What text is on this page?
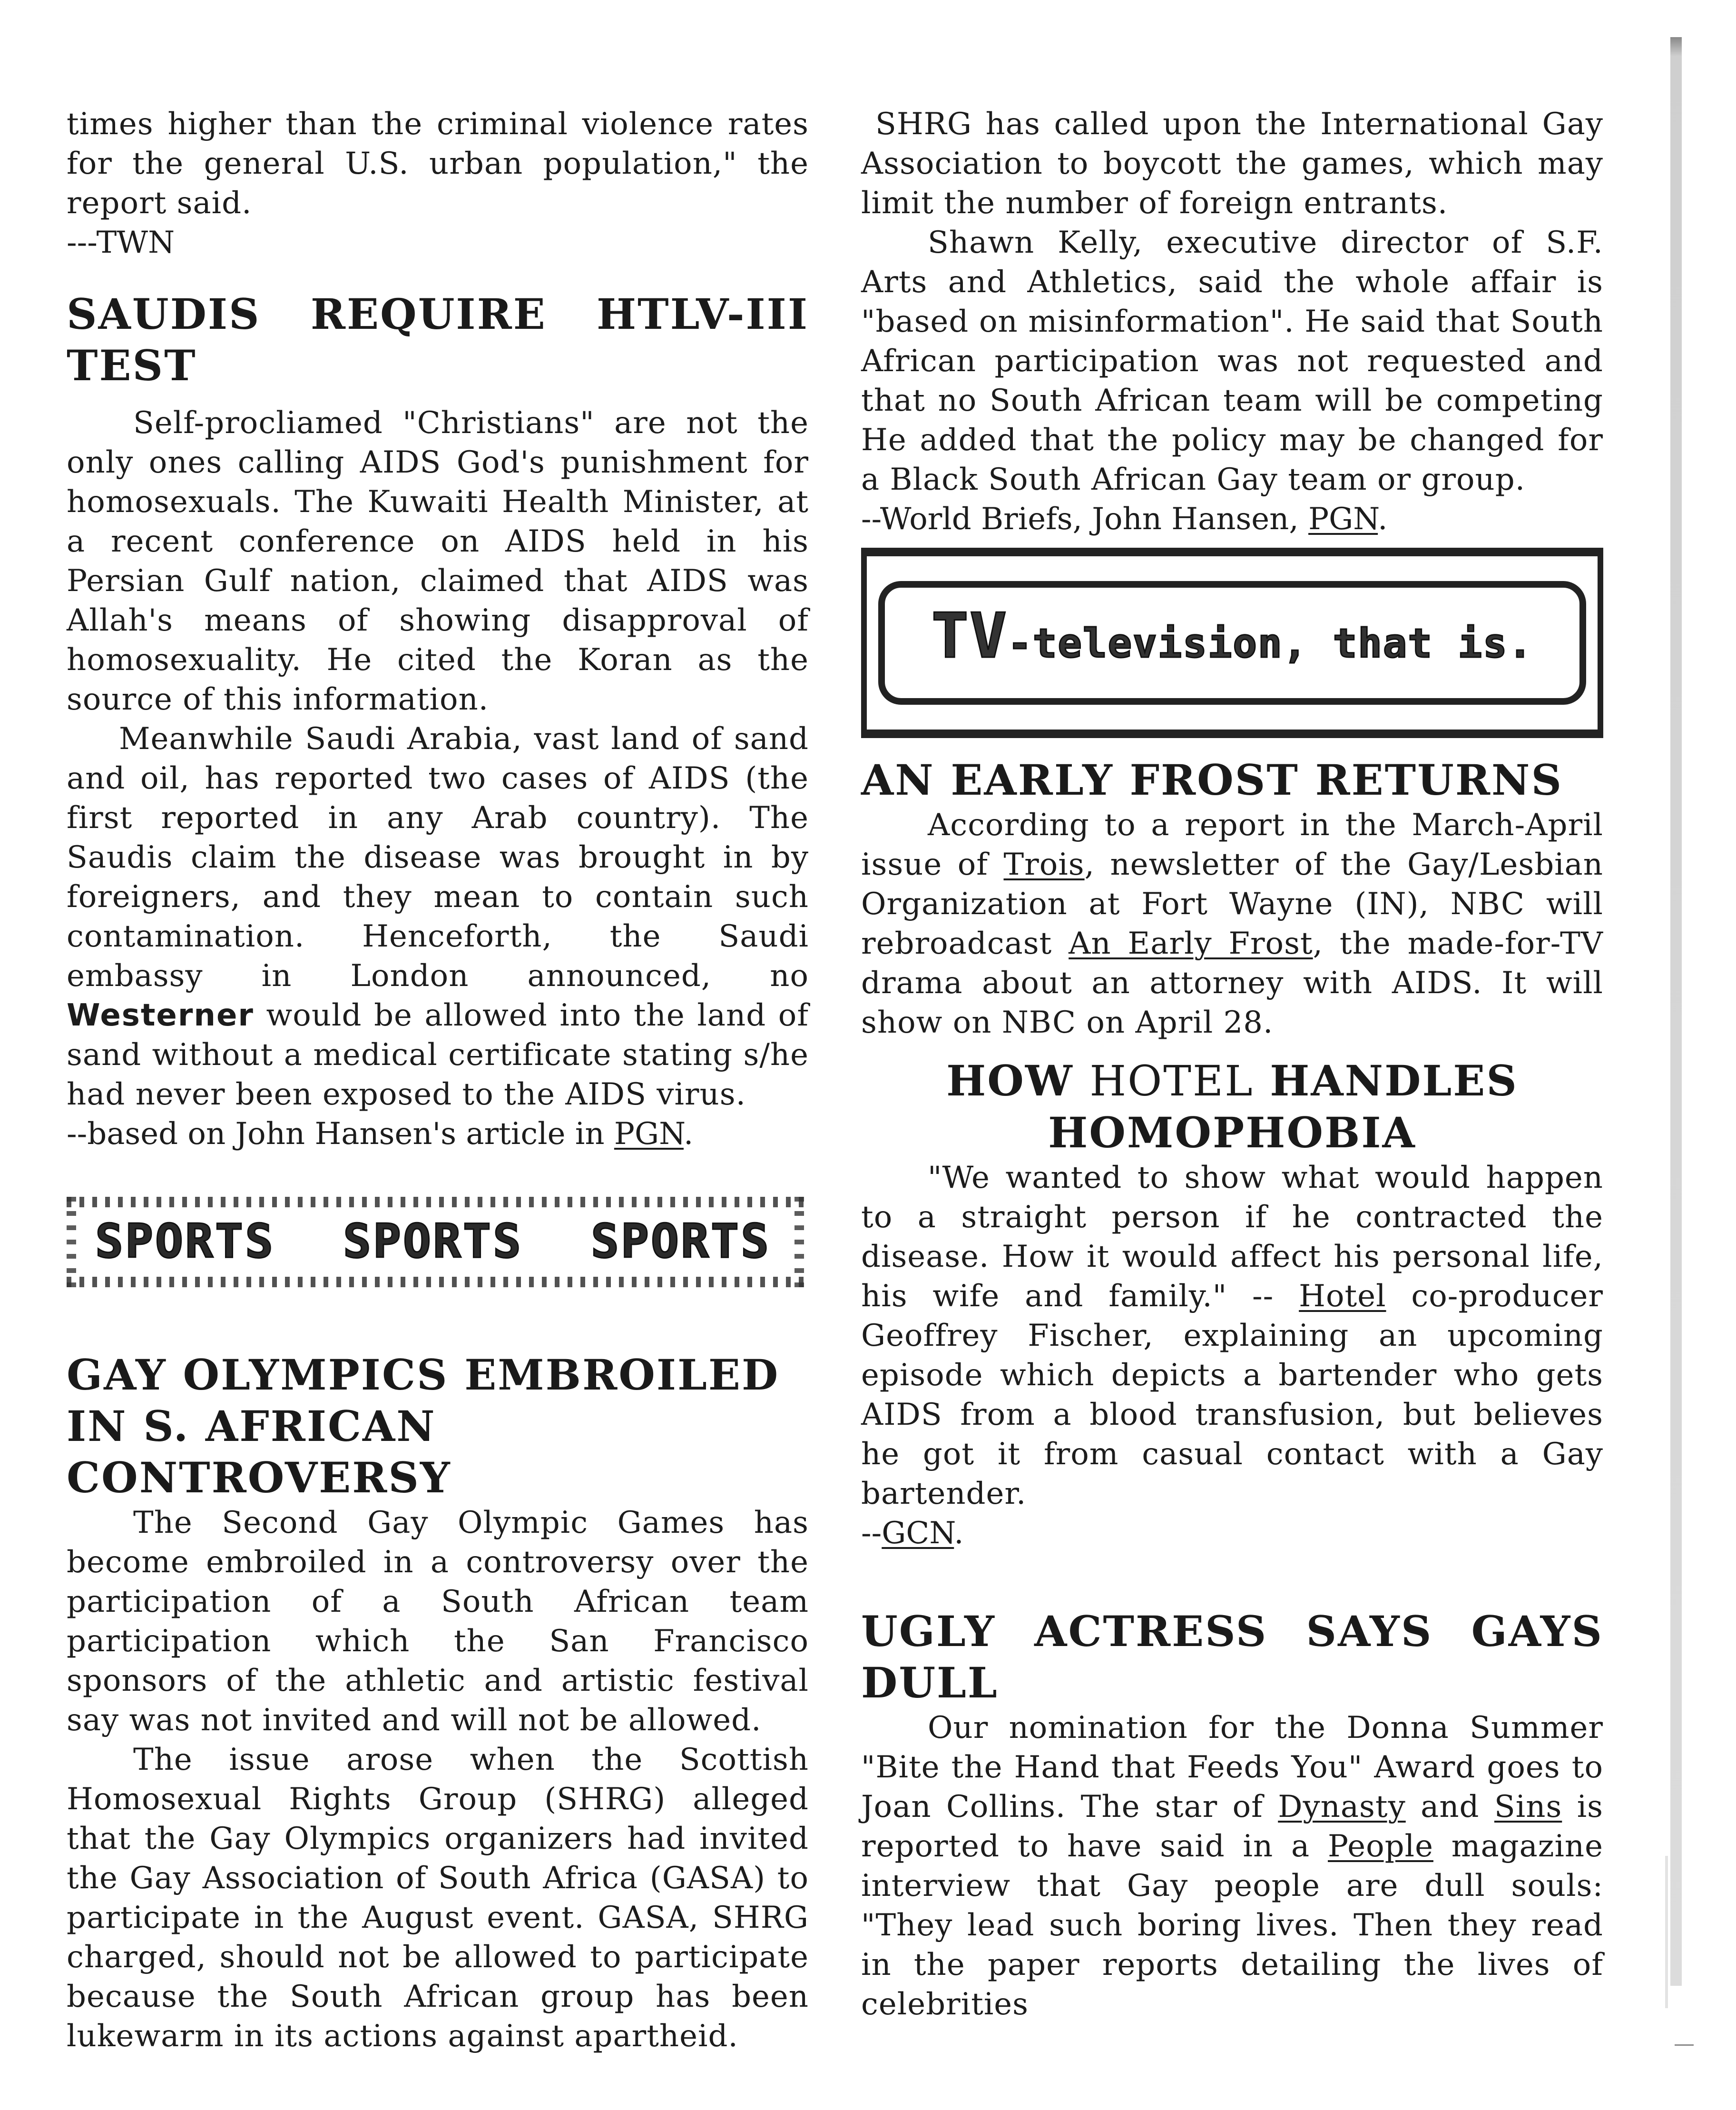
times higher than the criminal violence rates for the general U.S. urban population," the report said.

---TWN
SAUDIS REQUIRE HTLV-III
TEST

Self-procliamed "Christians" are not the only ones calling AIDS God's punishment for homosexuals. The Kuwaiti Health Minister, at a recent conference on AIDS held in his Persian Gulf nation, claimed that AIDS was Allah's means of showing disapproval of homosexuality. He cited the Koran as the source of this information.

Meanwhile Saudi Arabia, vast land of sand and oil, has reported two cases of AIDS (the first reported in any Arab country). The Saudis claim the disease was brought in by foreigners, and they mean to contain such contamination. Henceforth, the Saudi embassy in London announced, no Westerner would be allowed into the land of sand without a medical certificate stating s/he had never been exposed to the AIDS virus.

--based on John Hansen's article in PGN.
SPORTS SPORTS SPORTS
GAY OLYMPICS EMBROILED
IN S. AFRICAN CONTROVERSY

The Second Gay Olympic Games has become embroiled in a controversy over the participation of a South African team participation which the San Francisco sponsors of the athletic and artistic festival say was not invited and will not be allowed.

The issue arose when the Scottish Homosexual Rights Group (SHRG) alleged that the Gay Olympics organizers had invited the Gay Association of South Africa (GASA) to participate in the August event. GASA, SHRG charged, should not be allowed to participate because the South African group has been lukewarm in its actions against apartheid.

SHRG has called upon the International Gay Association to boycott the games, which may limit the number of foreign entrants.

Shawn Kelly, executive director of S.F. Arts and Athletics, said the whole affair is "based on misinformation". He said that South African participation was not requested and that no South African team will be competing He added that the policy may be changed for a Black South African Gay team or group.

--World Briefs, John Hansen, PGN.
TV-television, that is.
AN EARLY FROST RETURNS

According to a report in the March-April issue of Trois, newsletter of the Gay/Lesbian Organization at Fort Wayne (IN), NBC will rebroadcast An Early Frost, the made-for-TV drama about an attorney with AIDS. It will show on NBC on April 28.

HOW HOTEL HANDLES
HOMOPHOBIA

"We wanted to show what would happen to a straight person if he contracted the disease. How it would affect his personal life, his wife and family." -- Hotel co-producer Geoffrey Fischer, explaining an upcoming episode which depicts a bartender who gets AIDS from a blood transfusion, but believes he got it from casual contact with a Gay bartender.

--GCN.
UGLY ACTRESS SAYS GAYS
DULL

Our nomination for the Donna Summer "Bite the Hand that Feeds You" Award goes to Joan Collins. The star of Dynasty and Sins is reported to have said in a People magazine interview that Gay people are dull souls: "They lead such boring lives. Then they read in the paper reports detailing the lives of celebrities
